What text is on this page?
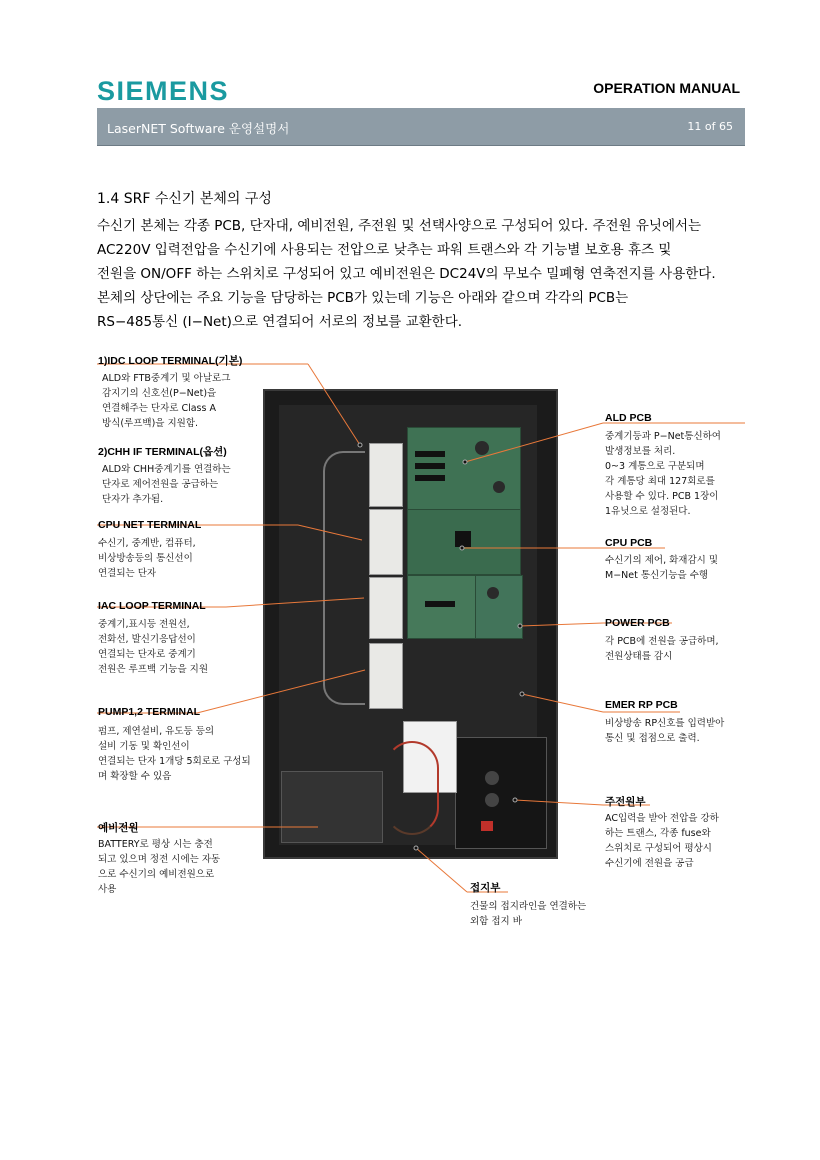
SIEMENS	OPERATION MANUAL
LaserNET Software 운영설명서	11 of 65
1.4 SRF 수신기 본체의 구성

수신기 본체는 각종 PCB, 단자대, 예비전원, 주전원 및 선택사양으로 구성되어 있다. 주전원 유닛에서는

AC220V 입력전압을 수신기에 사용되는 전압으로 낮추는 파워 트랜스와 각 기능별 보호용 휴즈 및

전원을 ON/OFF 하는 스위치로 구성되어 있고 예비전원은 DC24V의 무보수 밀폐형 연축전지를 사용한다.

본체의 상단에는 주요 기능을 담당하는 PCB가 있는데 기능은 아래와 같으며 각각의 PCB는

RS−485통신 (I−Net)으로 연결되어 서로의 정보를 교환한다.

1)IDC LOOP TERMINAL(기본)
ALD와 FTB중계기 및 아날로그
감지기의 신호선(P−Net)을
연결해주는 단자로 Class A
방식(루프백)을 지원함.
2)CHH IF TERMINAL(옵션)
ALD와 CHH중계기를 연결하는
단자로 제어전원을 공급하는
단자가 추가됨.
CPU NET TERMINAL
수신기, 중계반, 컴퓨터,
비상방송등의 통신선이
연결되는 단자
IAC LOOP TERMINAL
중계기,표시등 전원선,
전화선, 발신기응답선이
연결되는 단자로 중계기
전원은 루프백 기능을 지원
PUMP1,2 TERMINAL
펌프, 제연설비, 유도등 등의
설비 기동 및 확인선이
연결되는 단자 1개당 5회로로 구성되
며 확장할 수 있음
예비전원
BATTERY로 평상 시는 충전
되고 있으며 정전 시에는 자동
으로 수신기의 예비전원으로
사용
ALD PCB
중계기등과 P−Net통신하여
발생정보를 처리.
0~3 계통으로 구분되며
각 계통당 최대 127회로를
사용할 수 있다. PCB 1장이
1유닛으로 설정된다.
CPU PCB
수신기의 제어, 화재감시 및
M−Net 통신기능을 수행
POWER PCB
각 PCB에 전원을 공급하며,
전원상태를 감시
EMER RP PCB
비상방송 RP신호를 입력받아
통신 및 접점으로 출력.
주전원부
AC입력을 받아 전압을 강하
하는 트랜스, 각종 fuse와
스위치로 구성되어 평상시
수신기에 전원을 공급
접지부
건물의 접지라인을 연결하는
외함 접지 바
